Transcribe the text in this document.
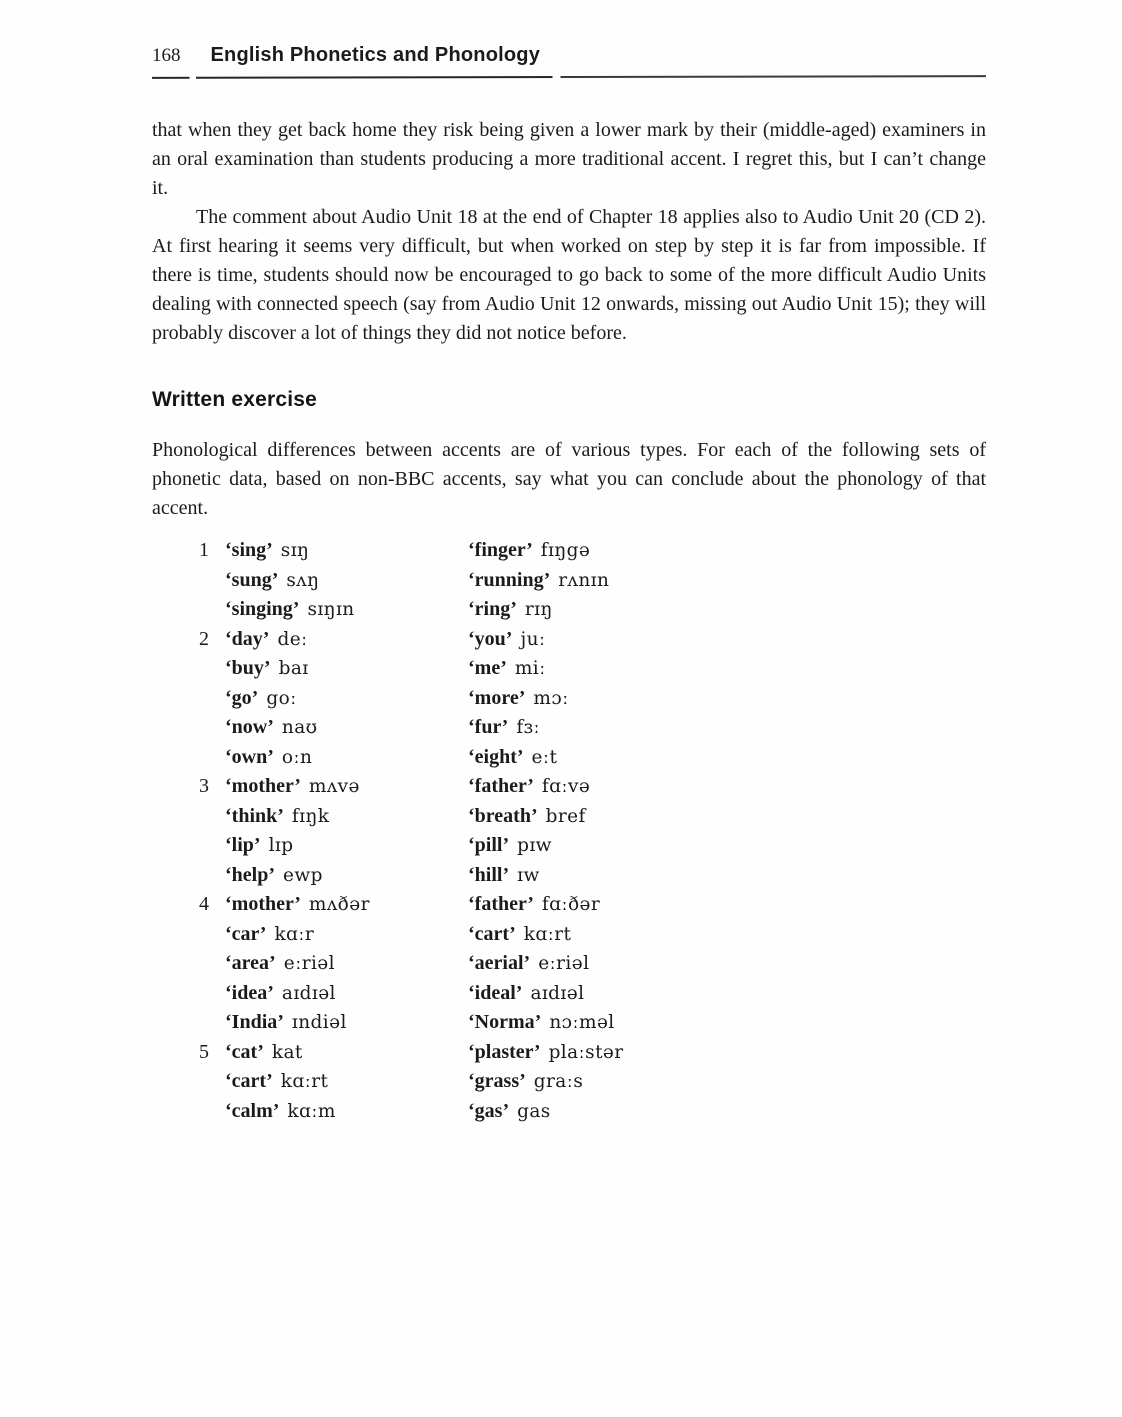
168 English Phonetics and Phonology

that when they get back home they risk being given a lower mark by their (middle-aged) examiners in an oral examination than students producing a more traditional accent. I regret this, but I can’t change it.

The comment about Audio Unit 18 at the end of Chapter 18 applies also to Audio Unit 20 (CD 2). At first hearing it seems very difficult, but when worked on step by step it is far from impossible. If there is time, students should now be encouraged to go back to some of the more difficult Audio Units dealing with connected speech (say from Audio Unit 12 onwards, missing out Audio Unit 15); they will probably discover a lot of things they did not notice before.

Written exercise

Phonological differences between accents are of various types. For each of the following sets of phonetic data, based on non-BBC accents, say what you can conclude about the phonology of that accent.

1 ‘sing’ sɪŋ	‘finger’ fɪŋgə
‘sung’ sʌŋ	‘running’ rʌnɪn
‘singing’ sɪŋɪn	‘ring’ rɪŋ
2 ‘day’ deː	‘you’ juː
‘buy’ baɪ	‘me’ miː
‘go’ goː	‘more’ mɔː
‘now’ naʊ	‘fur’ fɜː
‘own’ oːn	‘eight’ eːt
3 ‘mother’ mʌvə	‘father’ fɑːvə
‘think’ fɪŋk	‘breath’ bref
‘lip’ lɪp	‘pill’ pɪw
‘help’ ewp	‘hill’ ɪw
4 ‘mother’ mʌðər	‘father’ fɑːðər
‘car’ kɑːr	‘cart’ kɑːrt
‘area’ eːriəl	‘aerial’ eːriəl
‘idea’ aɪdɪəl	‘ideal’ aɪdɪəl
‘India’ ɪndiəl	‘Norma’ nɔːməl
5 ‘cat’ kat	‘plaster’ plaːstər
‘cart’ kɑːrt	‘grass’ graːs
‘calm’ kɑːm	‘gas’ gas
